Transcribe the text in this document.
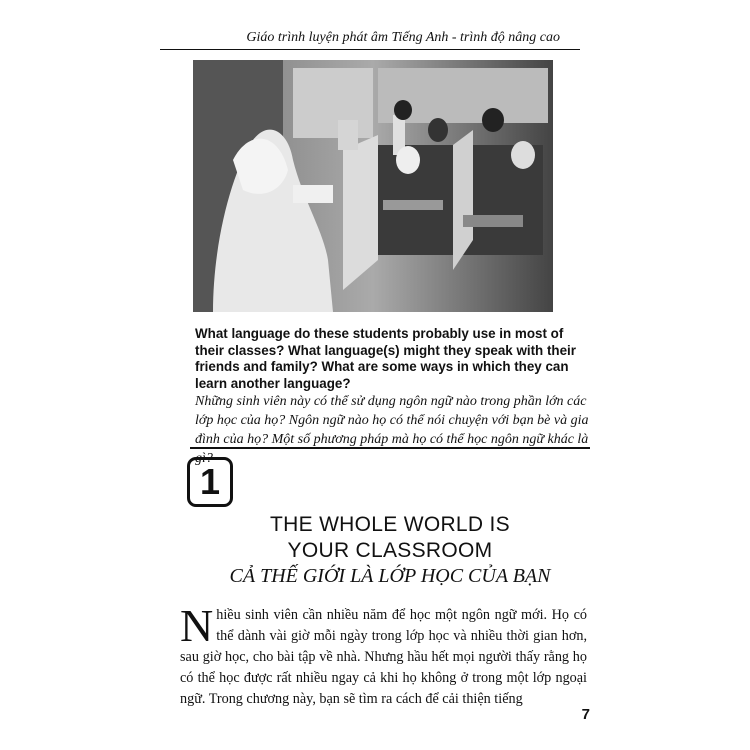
Giáo trình luyện phát âm Tiếng Anh - trình độ nâng cao
What language do these students probably use in most of their classes? What language(s) might they speak with their friends and family? What are some ways in which they can learn another language?
Những sinh viên này có thể sử dụng ngôn ngữ nào trong phần lớn các lớp học của họ? Ngôn ngữ nào họ có thể nói chuyện với bạn bè và gia đình của họ? Một số phương pháp mà họ có thể học ngôn ngữ khác là gì?
1
THE WHOLE WORLD IS
YOUR CLASSROOM
CẢ THẾ GIỚI LÀ LỚP HỌC CỦA BẠN
Nhiều sinh viên cần nhiều năm để học một ngôn ngữ mới. Họ có thể dành vài giờ mỗi ngày trong lớp học và nhiều thời gian hơn, sau giờ học, cho bài tập về nhà. Nhưng hầu hết mọi người thấy rằng họ có thể học được rất nhiều ngay cả khi họ không ở trong một lớp ngoại ngữ. Trong chương này, bạn sẽ tìm ra cách để cải thiện tiếng
7
